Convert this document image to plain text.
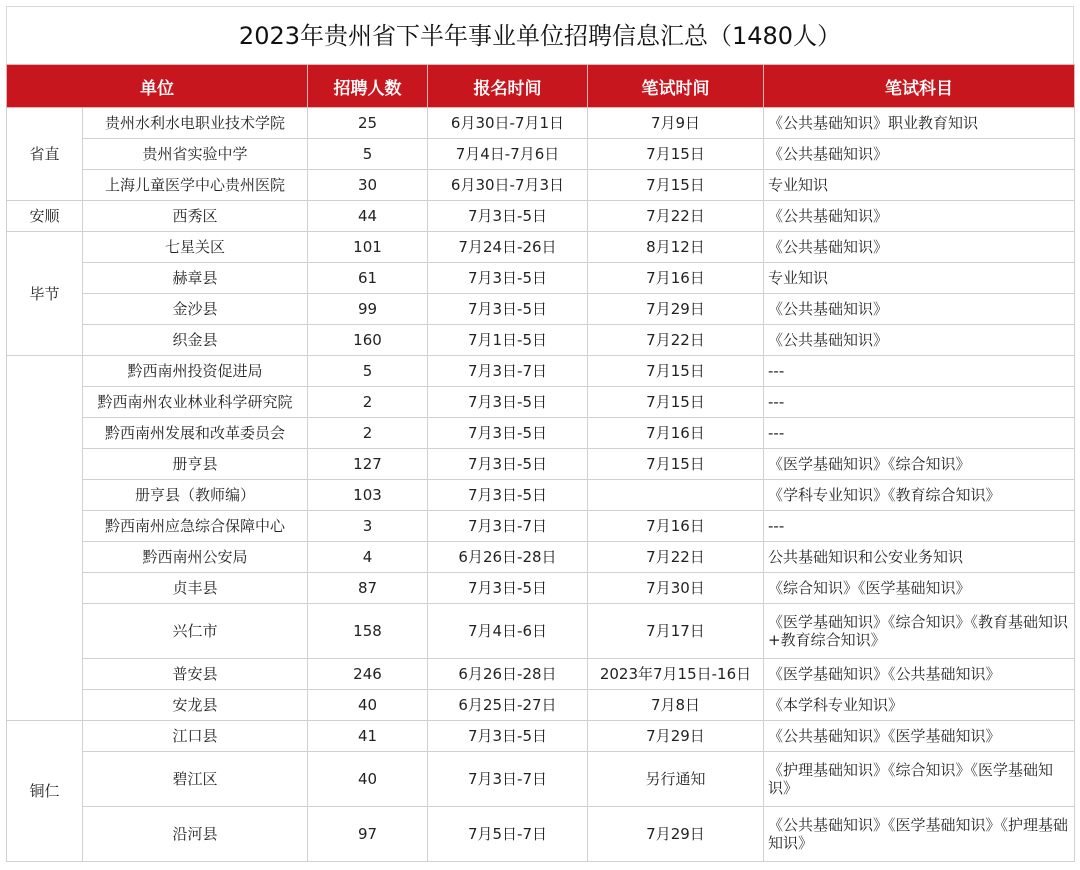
2023年贵州省下半年事业单位招聘信息汇总（1480人）
单位		招聘人数	报名时间	笔试时间	笔试科目
省直	贵州水利水电职业技术学院	25	6月30日-7月1日	7月9日	《公共基础知识》职业教育知识
	贵州省实验中学	5	7月4日-7月6日	7月15日	《公共基础知识》
	上海儿童医学中心贵州医院	30	6月30日-7月3日	7月15日	专业知识
安顺	西秀区	44	7月3日-5日	7月22日	《公共基础知识》
毕节	七星关区	101	7月24日-26日	8月12日	《公共基础知识》
	赫章县	61	7月3日-5日	7月16日	专业知识
	金沙县	99	7月3日-5日	7月29日	《公共基础知识》
	织金县	160	7月1日-5日	7月22日	《公共基础知识》
	黔西南州投资促进局	5	7月3日-7日	7月15日	---
	黔西南州农业林业科学研究院	2	7月3日-5日	7月15日	---
	黔西南州发展和改革委员会	2	7月3日-5日	7月16日	---
	册亨县	127	7月3日-5日	7月15日	《医学基础知识》《综合知识》
	册亨县（教师编）	103	7月3日-5日		《学科专业知识》《教育综合知识》
	黔西南州应急综合保障中心	3	7月3日-7日	7月16日	---
	黔西南州公安局	4	6月26日-28日	7月22日	公共基础知识和公安业务知识
	贞丰县	87	7月3日-5日	7月30日	《综合知识》《医学基础知识》
	兴仁市	158	7月4日-6日	7月17日	《医学基础知识》《综合知识》《教育基础知识+教育综合知识》
	普安县	246	6月26日-28日	2023年7月15日-16日	《医学基础知识》《公共基础知识》
	安龙县	40	6月25日-27日	7月8日	《本学科专业知识》
铜仁	江口县	41	7月3日-5日	7月29日	《公共基础知识》《医学基础知识》
	碧江区	40	7月3日-7日	另行通知	《护理基础知识》《综合知识》《医学基础知识》
	沿河县	97	7月5日-7日	7月29日	《公共基础知识》《医学基础知识》《护理基础知识》
